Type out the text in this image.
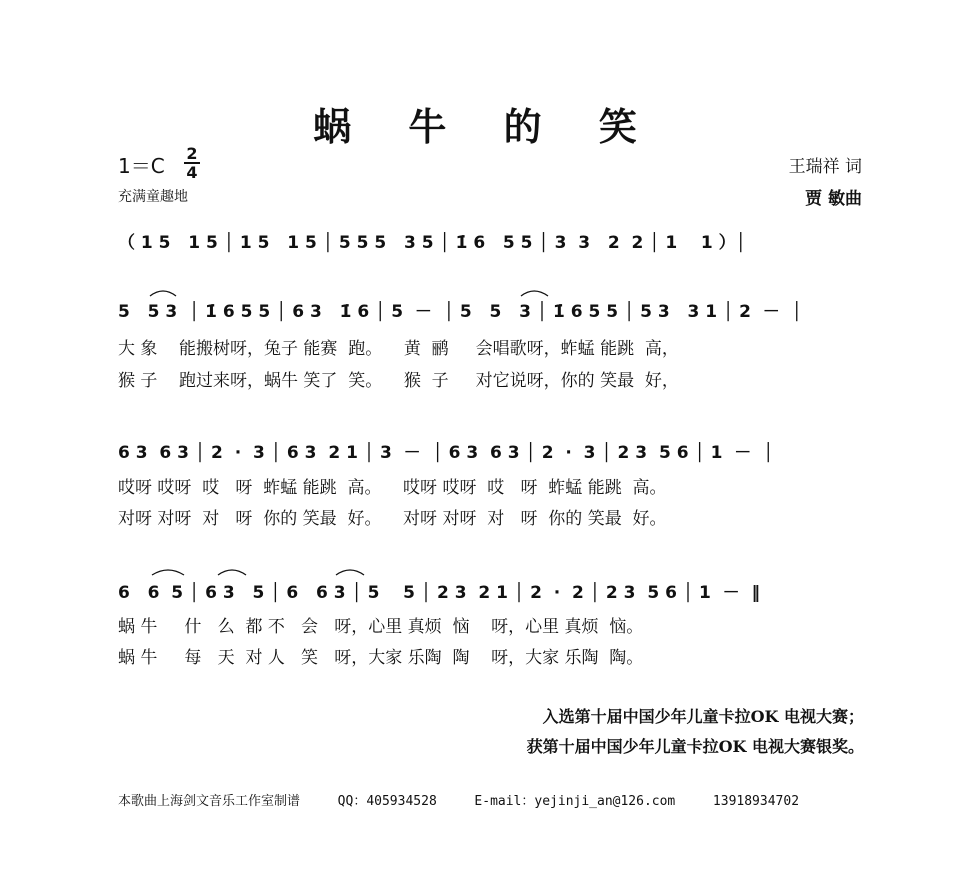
蜗 牛 的 笑
1＝C
2
4
充满童趣地
王瑞祥 词
贾 敏曲
（ 1 5   1 5 │ 1 5   1 5 │ 5 5 5   3 5 │ 1̇ 6   5 5 │ 3  3   2  2 │ 1    1 ）│
5   5 3  │ 1̇ 6 5 5 │ 6 3   1̇ 6 │ 5  －  │ 5   5   3 │ 1̇ 6 5 5 │ 5 3   3 1 │ 2  －  │
大 象    能搬树呀，兔子 能赛  跑。    黄  鹂     会唱歌呀，蚱蜢 能跳  高，
猴 子    跑过来呀，蜗牛 笑了  笑。    猴  子     对它说呀，你的 笑最  好，
6 3  6 3 │ 2  ·  3 │ 6 3  2 1 │ 3  －  │ 6 3  6 3 │ 2  ·  3 │ 2 3  5 6 │ 1  －  │
哎呀 哎呀  哎   呀  蚱蜢 能跳  高。    哎呀 哎呀  哎   呀  蚱蜢 能跳  高。
对呀 对呀  对   呀  你的 笑最  好。    对呀 对呀  对   呀  你的 笑最  好。
6   6  5 │ 6 3   5 │ 6   6 3 │ 5    5 │ 2 3  2 1 │ 2  ·  2 │ 2 3  5 6 │ 1  －  ‖
蜗 牛     什   么  都 不   会   呀，心里 真烦  恼    呀，心里 真烦  恼。
蜗 牛     每   天  对 人   笑   呀，大家 乐陶  陶    呀，大家 乐陶  陶。
入选第十届中国少年儿童卡拉OK 电视大赛；
获第十届中国少年儿童卡拉OK 电视大赛银奖。
本歌曲上海剑文音乐工作室制谱	QQ：405934528	E-mail：yejinji_an@126.com	13918934702
